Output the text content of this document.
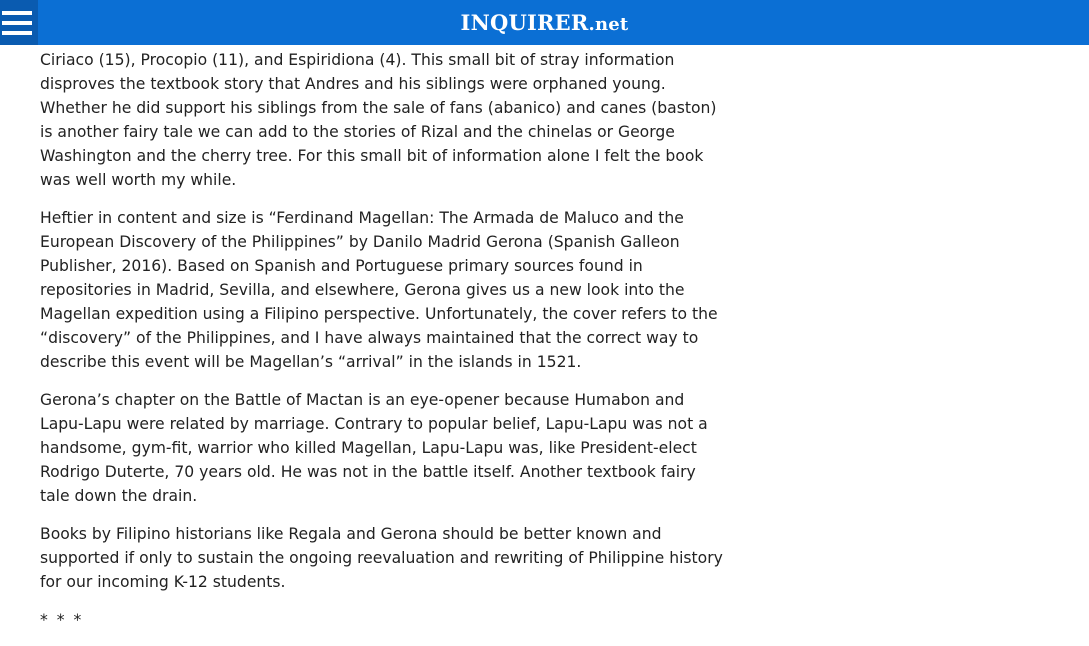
INQUIRER.net

Ciriaco (15), Procopio (11), and Espiridiona (4). This small bit of stray information disproves the textbook story that Andres and his siblings were orphaned young. Whether he did support his siblings from the sale of fans (abanico) and canes (baston) is another fairy tale we can add to the stories of Rizal and the chinelas or George Washington and the cherry tree. For this small bit of information alone I felt the book was well worth my while.

Heftier in content and size is “Ferdinand Magellan: The Armada de Maluco and the European Discovery of the Philippines” by Danilo Madrid Gerona (Spanish Galleon Publisher, 2016). Based on Spanish and Portuguese primary sources found in repositories in Madrid, Sevilla, and elsewhere, Gerona gives us a new look into the Magellan expedition using a Filipino perspective. Unfortunately, the cover refers to the “discovery” of the Philippines, and I have always maintained that the correct way to describe this event will be Magellan’s “arrival” in the islands in 1521.

Gerona’s chapter on the Battle of Mactan is an eye-opener because Humabon and Lapu-Lapu were related by marriage. Contrary to popular belief, Lapu-Lapu was not a handsome, gym-fit, warrior who killed Magellan, Lapu-Lapu was, like President-elect Rodrigo Duterte, 70 years old. He was not in the battle itself. Another textbook fairy tale down the drain.

Books by Filipino historians like Regala and Gerona should be better known and supported if only to sustain the ongoing reevaluation and rewriting of Philippine history for our incoming K-12 students.

* * *
